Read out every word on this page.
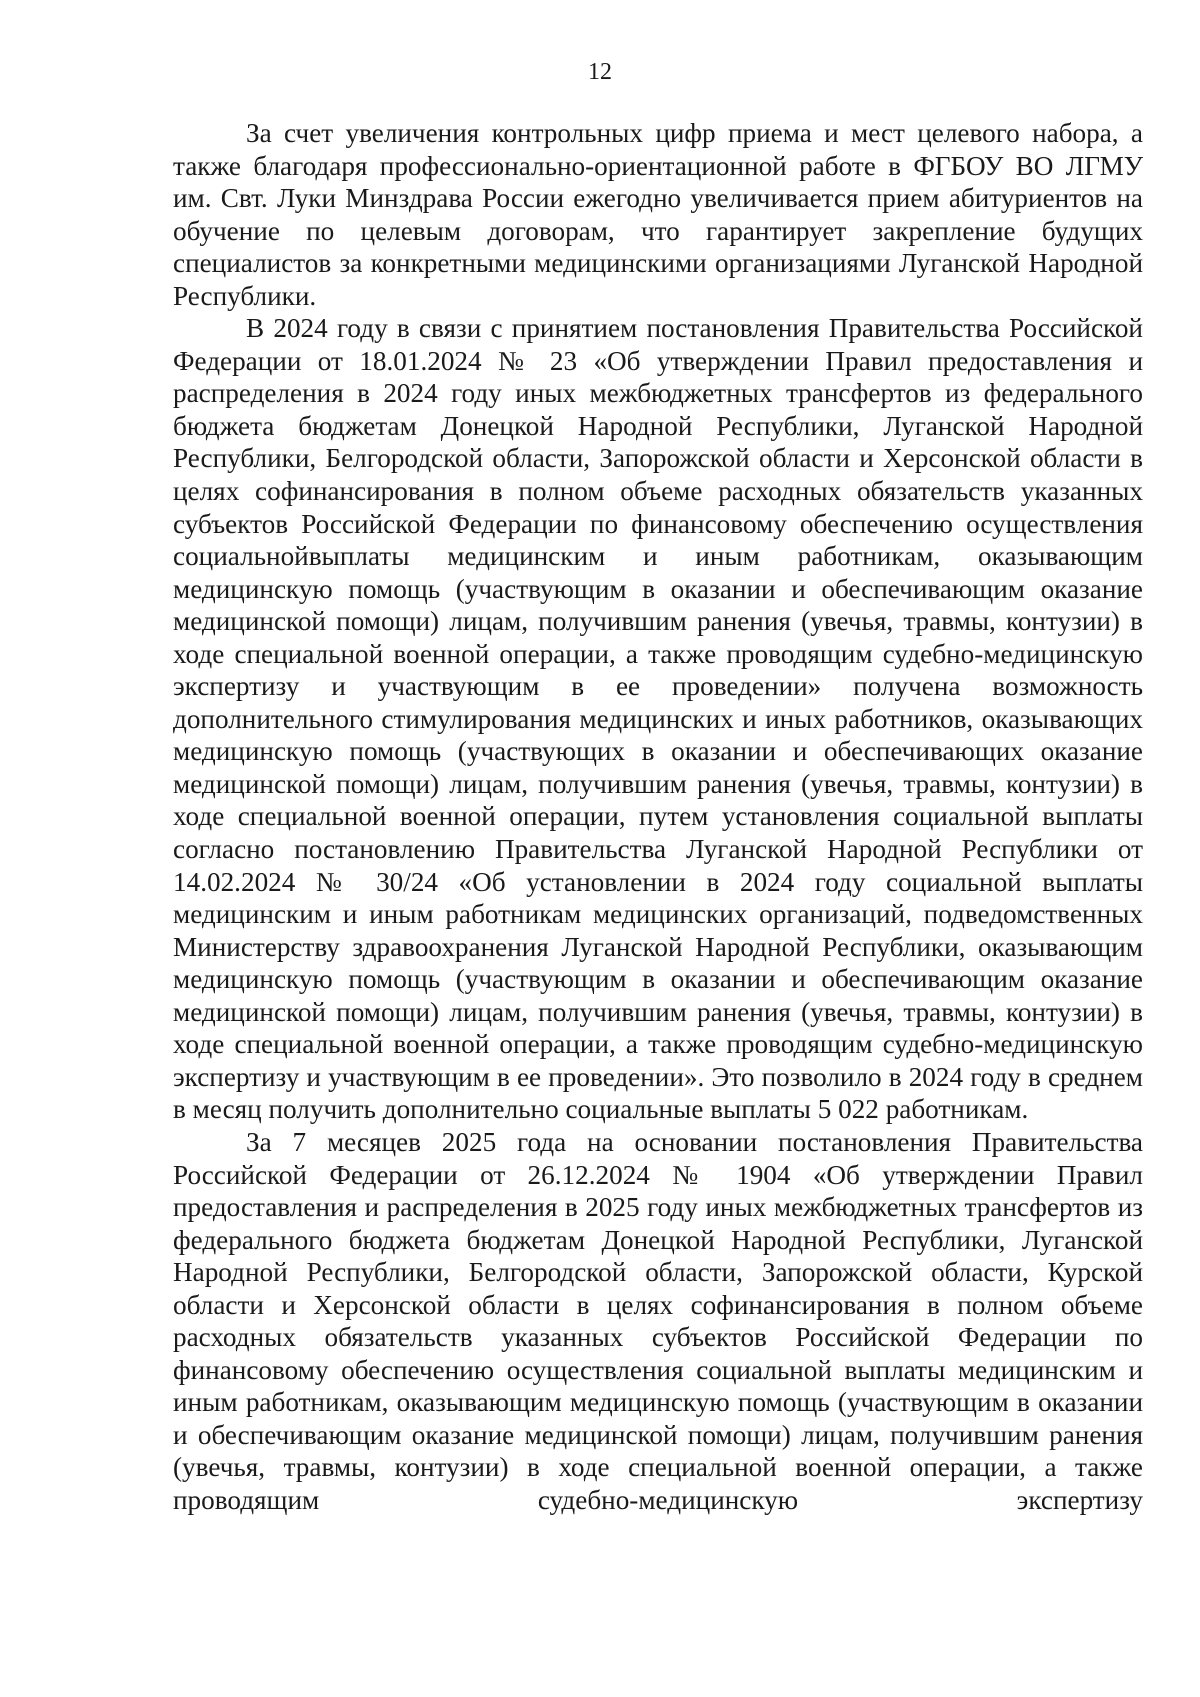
12

За счет увеличения контрольных цифр приема и мест целевого набора, а также благодаря профессионально-ориентационной работе в ФГБОУ ВО ЛГМУ им. Свт. Луки Минздрава России ежегодно увеличивается прием абитуриентов на обучение по целевым договорам, что гарантирует закрепление будущих специалистов за конкретными медицинскими организациями Луганской Народной Республики.

В 2024 году в связи с принятием постановления Правительства Российской Федерации от 18.01.2024 № 23 «Об утверждении Правил предоставления и распределения в 2024 году иных межбюджетных трансфертов из федерального бюджета бюджетам Донецкой Народной Республики, Луганской Народной Республики, Белгородской области, Запорожской области и Херсонской области в целях софинансирования в полном объеме расходных обязательств указанных субъектов Российской Федерации по финансовому обеспечению осуществления социальнойвыплаты медицинским и иным работникам, оказывающим медицинскую помощь (участвующим в оказании и обеспечивающим оказание медицинской помощи) лицам, получившим ранения (увечья, травмы, контузии) в ходе специальной военной операции, а также проводящим судебно-медицинскую экспертизу и участвующим в ее проведении» получена возможность дополнительного стимулирования медицинских и иных работников, оказывающих медицинскую помощь (участвующих в оказании и обеспечивающих оказание медицинской помощи) лицам, получившим ранения (увечья, травмы, контузии) в ходе специальной военной операции, путем установления социальной выплаты согласно постановлению Правительства Луганской Народной Республики от 14.02.2024 № 30/24 «Об установлении в 2024 году социальной выплаты медицинским и иным работникам медицинских организаций, подведомственных Министерству здравоохранения Луганской Народной Республики, оказывающим медицинскую помощь (участвующим в оказании и обеспечивающим оказание медицинской помощи) лицам, получившим ранения (увечья, травмы, контузии) в ходе специальной военной операции, а также проводящим судебно-медицинскую экспертизу и участвующим в ее проведении». Это позволило в 2024 году в среднем в месяц получить дополнительно социальные выплаты 5 022 работникам.

За 7 месяцев 2025 года на основании постановления Правительства Российской Федерации от 26.12.2024 № 1904 «Об утверждении Правил предоставления и распределения в 2025 году иных межбюджетных трансфертов из федерального бюджета бюджетам Донецкой Народной Республики, Луганской Народной Республики, Белгородской области, Запорожской области, Курской области и Херсонской области в целях софинансирования в полном объеме расходных обязательств указанных субъектов Российской Федерации по финансовому обеспечению осуществления социальной выплаты медицинским и иным работникам, оказывающим медицинскую помощь (участвующим в оказании и обеспечивающим оказание медицинской помощи) лицам, получившим ранения (увечья, травмы, контузии) в ходе специальной военной операции, а также проводящим судебно-медицинскую экспертизу
